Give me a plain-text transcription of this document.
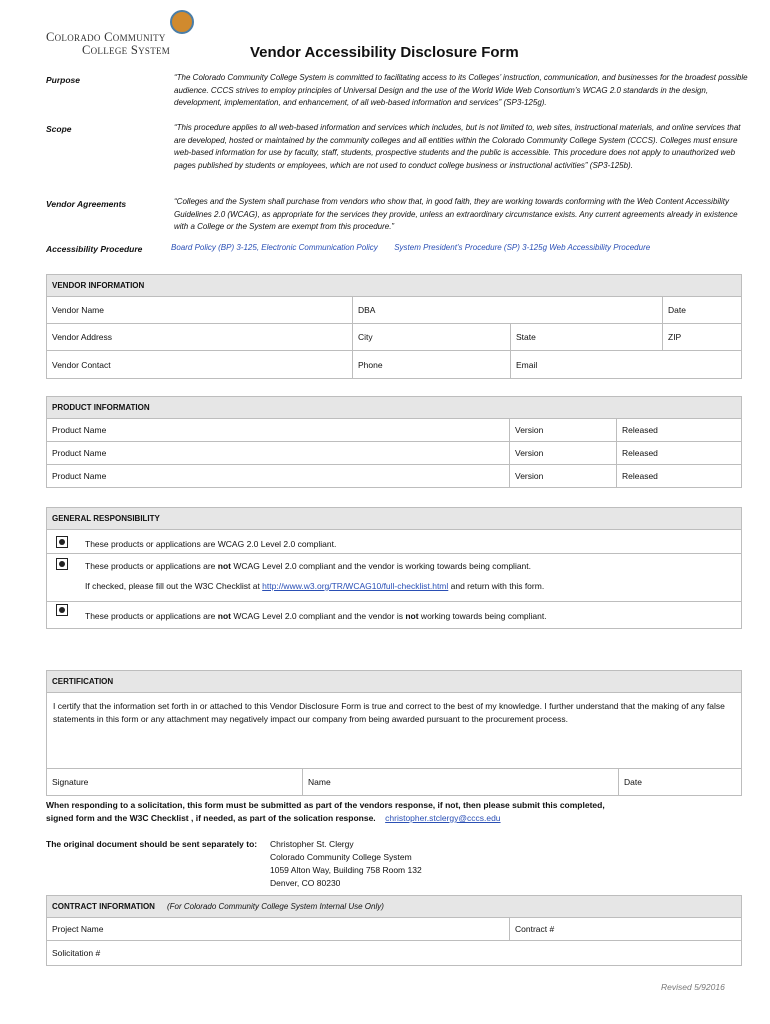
Colorado Community
College System	Vendor Accessibility Disclosure Form
Purpose	“The Colorado Community College System is committed to facilitating access to its Colleges’ instruction, communication, and businesses for the broadest possible audience. CCCS strives to employ principles of Universal Design and the use of the World Wide Web Consortium’s WCAG 2.0 standards in the design, development, implementation, and enhancement, of all web-based information and services” (SP3-125g).
Scope	“This procedure applies to all web-based information and services which includes, but is not limited to, web sites, instructional materials, and online services that are developed, hosted or maintained by the community colleges and all entities within the Colorado Community College System (CCCS). Colleges must ensure web-based information for use by faculty, staff, students, prospective students and the public is accessible. This procedure does not apply to unauthorized web pages published by students or employees, which are not used to conduct college business or instructional activities” (SP3-125b).
Vendor Agreements	“Colleges and the System shall purchase from vendors who show that, in good faith, they are working towards conforming with the Web Content Accessibility Guidelines 2.0 (WCAG), as appropriate for the services they provide, unless an extraordinary circumstance exists. Any current agreements already in existence with a College or the System are exempt from this procedure.”
Accessibility Procedure	Board Policy (BP) 3-125, Electronic Communication Policy System President’s Procedure (SP) 3-125g Web Accessibility Procedure
VENDOR INFORMATION
Vendor Name	DBA	Date
Vendor Address	City	State	ZIP
Vendor Contact	Phone	Email
PRODUCT INFORMATION
Product Name	Version	Released
Product Name	Version	Released
Product Name	Version	Released
GENERAL RESPONSIBILITY
These products or applications are WCAG 2.0 Level 2.0 compliant.
These products or applications are not WCAG Level 2.0 compliant and the vendor is working towards being compliant.
If checked, please fill out the W3C Checklist at http://www.w3.org/TR/WCAG10/full-checklist.html and return with this form.
These products or applications are not WCAG Level 2.0 compliant and the vendor is not working towards being compliant.
CERTIFICATION
I certify that the information set forth in or attached to this Vendor Disclosure Form is true and correct to the best of my knowledge. I further understand that the making of any false statements in this form or any attachment may negatively impact our company from being awarded pursuant to the procurement process.
Signature	Name	Date
When responding to a solicitation, this form must be submitted as part of the vendors response, if not, then please submit this completed,
signed form and the W3C Checklist , if needed, as part of the solication response. christopher.stclergy@cccs.edu
The original document should be sent separately to: Christopher St. Clergy
Colorado Community College System
1059 Alton Way, Building 758 Room 132
Denver, CO 80230
CONTRACT INFORMATION (For Colorado Community College System Internal Use Only)
Project Name	Contract #
Solicitation #
Revised 5/92016
